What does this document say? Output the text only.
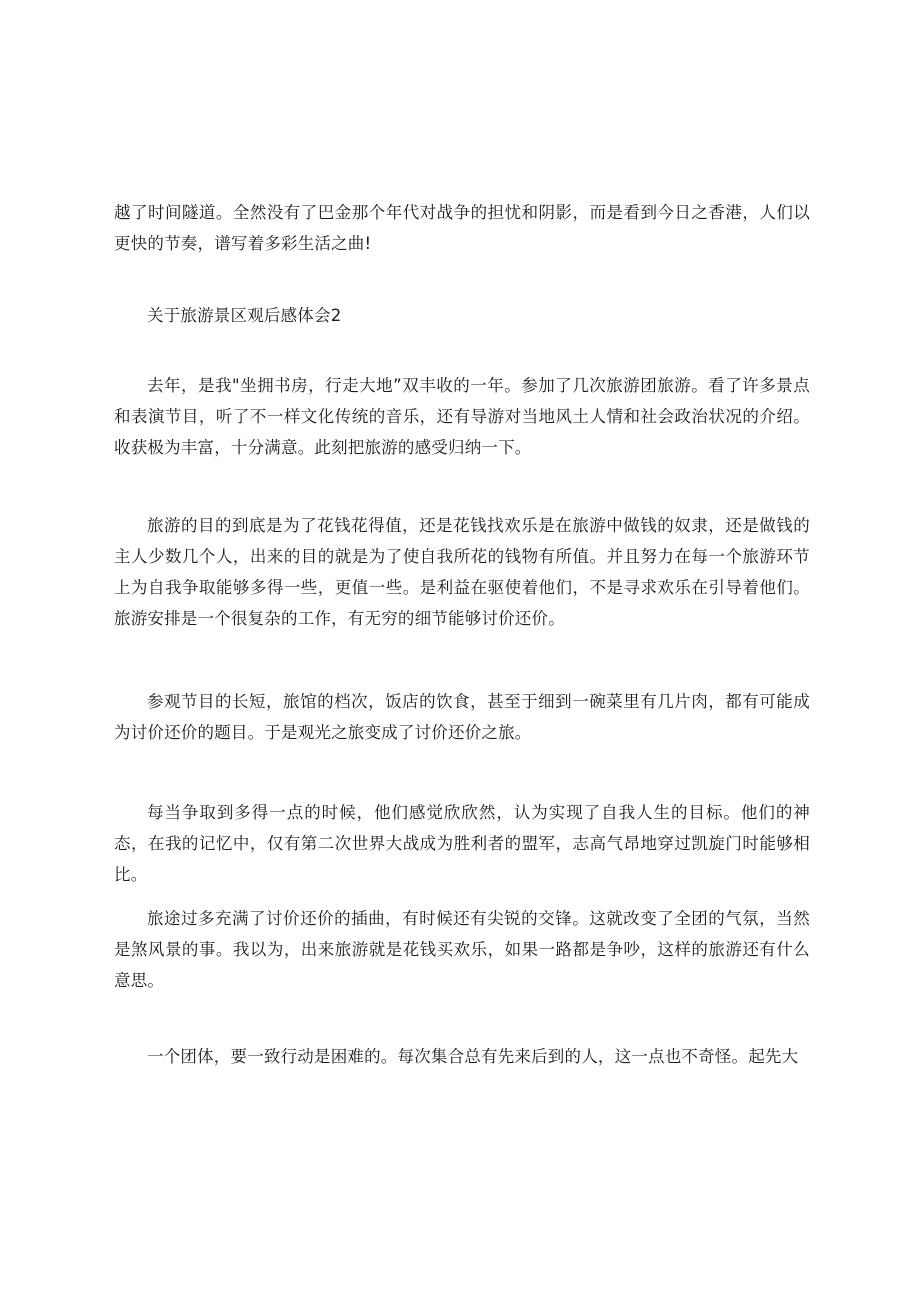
越了时间隧道。全然没有了巴金那个年代对战争的担忧和阴影，而是看到今日之香港，人们以更快的节奏，谱写着多彩生活之曲!

关于旅游景区观后感体会2

去年，是我"坐拥书房，行走大地”双丰收的一年。参加了几次旅游团旅游。看了许多景点和表演节目，听了不一样文化传统的音乐，还有导游对当地风土人情和社会政治状况的介绍。收获极为丰富，十分满意。此刻把旅游的感受归纳一下。

旅游的目的到底是为了花钱花得值，还是花钱找欢乐是在旅游中做钱的奴隶，还是做钱的主人少数几个人，出来的目的就是为了使自我所花的钱物有所值。并且努力在每一个旅游环节上为自我争取能够多得一些，更值一些。是利益在驱使着他们，不是寻求欢乐在引导着他们。旅游安排是一个很复杂的工作，有无穷的细节能够讨价还价。

参观节目的长短，旅馆的档次，饭店的饮食，甚至于细到一碗菜里有几片肉，都有可能成为讨价还价的题目。于是观光之旅变成了讨价还价之旅。

每当争取到多得一点的时候，他们感觉欣欣然，认为实现了自我人生的目标。他们的神态，在我的记忆中，仅有第二次世界大战成为胜利者的盟军，志高气昂地穿过凯旋门时能够相比。

旅途过多充满了讨价还价的插曲，有时候还有尖锐的交锋。这就改变了全团的气氛，当然是煞风景的事。我以为，出来旅游就是花钱买欢乐，如果一路都是争吵，这样的旅游还有什么意思。

一个团体，要一致行动是困难的。每次集合总有先来后到的人，这一点也不奇怪。起先大
